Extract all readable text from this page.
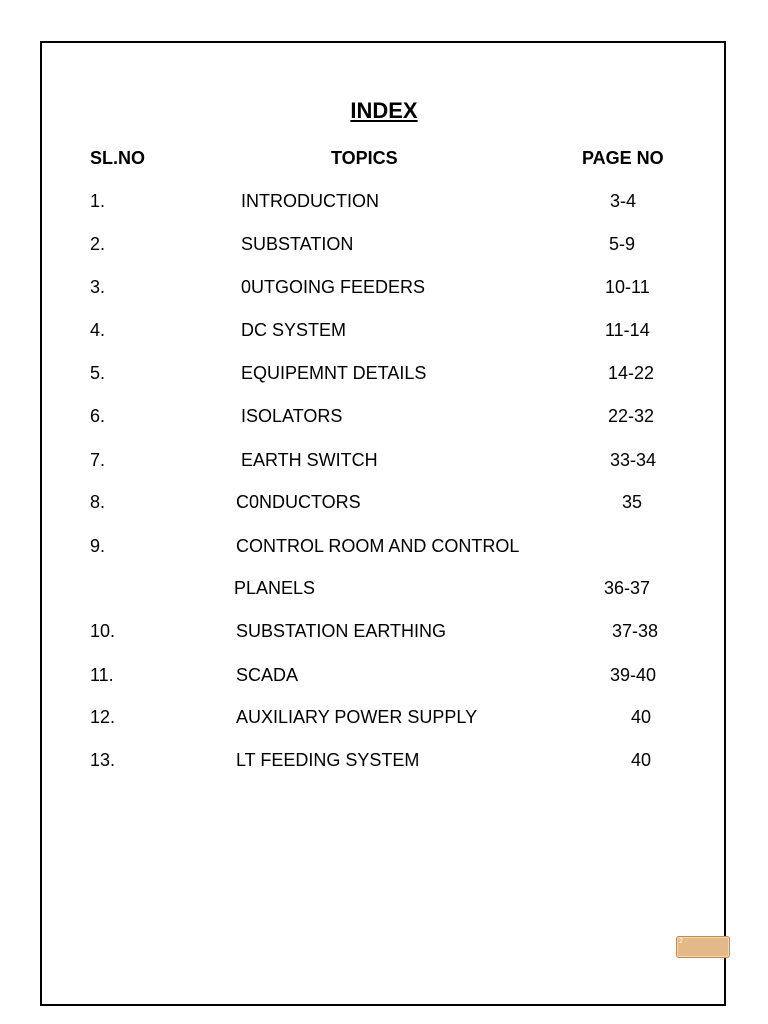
INDEX
SL.NO	TOPICS	PAGE NO
1.	INTRODUCTION	3-4
2.	SUBSTATION	5-9
3.	0UTGOING FEEDERS	10-11
4.	DC SYSTEM	11-14
5.	EQUIPEMNT DETAILS	14-22
6.	ISOLATORS	22-32
7.	EARTH SWITCH	33-34
8.	C0NDUCTORS	35
9.	CONTROL ROOM AND CONTROL
PLANELS	36-37
10.	SUBSTATION EARTHING	37-38
11.	SCADA	39-40
12.	AUXILIARY POWER SUPPLY	40
13.	LT FEEDING SYSTEM	40
2
